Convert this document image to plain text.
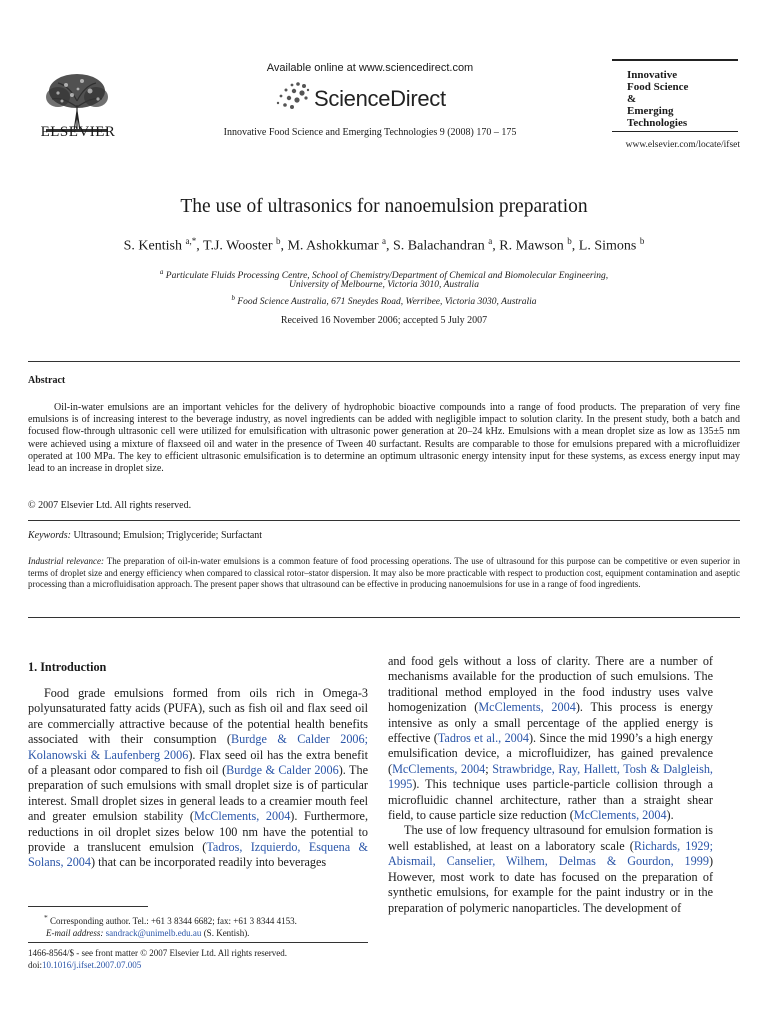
ELSEVIER
Available online at www.sciencedirect.com
ScienceDirect
Innovative Food Science and Emerging Technologies 9 (2008) 170 – 175
Innovative
Food Science
&
Emerging
Technologies
www.elsevier.com/locate/ifset
The use of ultrasonics for nanoemulsion preparation
S. Kentish $^{a,*}$, T.J. Wooster $^b$, M. Ashokkumar $^a$, S. Balachandran $^a$, R. Mawson $^b$, L. Simons $^b$
$^a$ Particulate Fluids Processing Centre, School of Chemistry/Department of Chemical and Biomolecular Engineering,
University of Melbourne, Victoria 3010, Australia
$^b$ Food Science Australia, 671 Sneydes Road, Werribee, Victoria 3030, Australia
Received 16 November 2006; accepted 5 July 2007
Abstract
Oil-in-water emulsions are an important vehicles for the delivery of hydrophobic bioactive compounds into a range of food products. The preparation of very fine emulsions is of increasing interest to the beverage industry, as novel ingredients can be added with negligible impact to solution clarity. In the present study, both a batch and focused flow-through ultrasonic cell were utilized for emulsification with ultrasonic power generation at 20–24 kHz. Emulsions with a mean droplet size as low as 135±5 nm were achieved using a mixture of flaxseed oil and water in the presence of Tween 40 surfactant. Results are comparable to those for emulsions prepared with a microfluidizer operated at 100 MPa. The key to efficient ultrasonic emulsification is to determine an optimum ultrasonic energy intensity input for these systems, as excess energy input may lead to an increase in droplet size.
© 2007 Elsevier Ltd. All rights reserved.
Keywords: Ultrasound; Emulsion; Triglyceride; Surfactant
Industrial relevance: The preparation of oil-in-water emulsions is a common feature of food processing operations. The use of ultrasound for this purpose can be competitive or even superior in terms of droplet size and energy efficiency when compared to classical rotor–stator dispersion. It may also be more practicable with respect to production cost, equipment contamination and aseptic processing than a microfluidisation approach. The present paper shows that ultrasound can be effective in producing nanoemulsions for use in a range of food ingredients.
1. Introduction

Food grade emulsions formed from oils rich in Omega-3 polyunsaturated fatty acids (PUFA), such as fish oil and flax seed oil are commercially attractive because of the potential health benefits associated with their consumption (Burdge & Calder 2006; Kolanowski & Laufenberg 2006). Flax seed oil has the extra benefit of a pleasant odor compared to fish oil (Burdge & Calder 2006). The preparation of such emulsions with small droplet size is of particular interest. Small droplet sizes in general leads to a creamier mouth feel and greater emulsion stability (McClements, 2004). Furthermore, reductions in oil droplet sizes below 100 nm have the potential to provide a translucent emulsion (Tadros, Izquierdo, Esquena & Solans, 2004) that can be incorporated readily into beverages

and food gels without a loss of clarity. There are a number of mechanisms available for the production of such emulsions. The traditional method employed in the food industry uses valve homogenization (McClements, 2004). This process is energy intensive as only a small percentage of the applied energy is effective (Tadros et al., 2004). Since the mid 1990’s a high energy emulsification device, a microfluidizer, has gained prevalence (McClements, 2004; Strawbridge, Ray, Hallett, Tosh & Dalgleish, 1995). This technique uses particle-particle collision through a microfluidic channel architecture, rather than a straight shear field, to cause particle size reduction (McClements, 2004).

The use of low frequency ultrasound for emulsion formation is well established, at least on a laboratory scale (Richards, 1929; Abismail, Canselier, Wilhem, Delmas & Gourdon, 1999) However, most work to date has focused on the preparation of synthetic emulsions, for example for the paint industry or in the preparation of polymeric nanoparticles. The development of

* Corresponding author. Tel.: +61 3 8344 6682; fax: +61 3 8344 4153.
E-mail address: sandrack@unimelb.edu.au (S. Kentish).
1466-8564/$ - see front matter © 2007 Elsevier Ltd. All rights reserved.
doi:10.1016/j.ifset.2007.07.005
